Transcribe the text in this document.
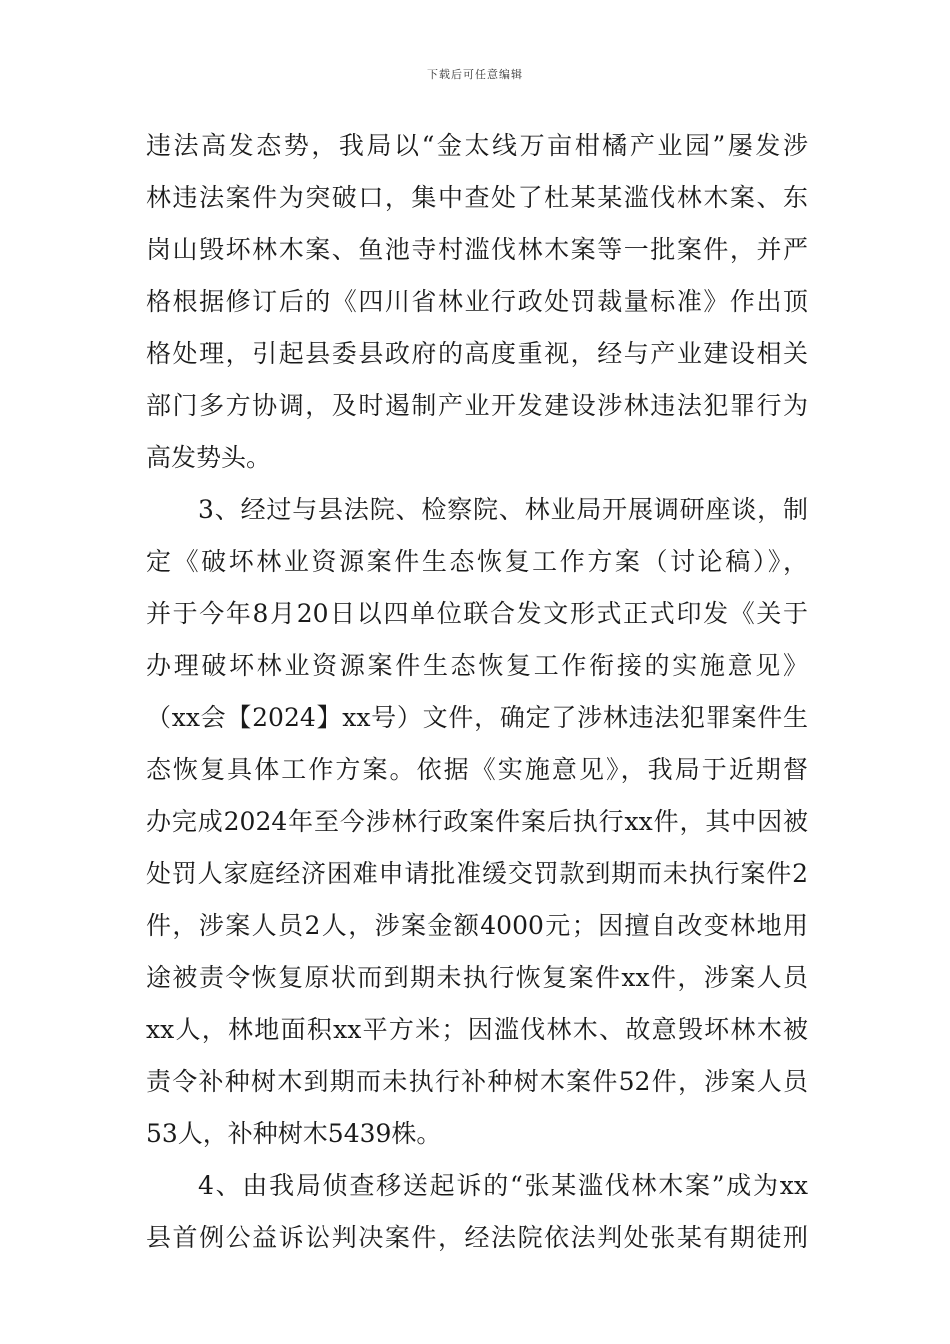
下载后可任意编辑
违法高发态势，我局以“金太线万亩柑橘产业园”屡发涉
林违法案件为突破口，集中查处了杜某某滥伐林木案、东
岗山毁坏林木案、鱼池寺村滥伐林木案等一批案件，并严
格根据修订后的《四川省林业行政处罚裁量标准》作出顶
格处理，引起县委县政府的高度重视，经与产业建设相关
部门多方协调，及时遏制产业开发建设涉林违法犯罪行为
高发势头。
3、经过与县法院、检察院、林业局开展调研座谈，制
定《破坏林业资源案件生态恢复工作方案（讨论稿）》，
并于今年8月20日以四单位联合发文形式正式印发《关于
办理破坏林业资源案件生态恢复工作衔接的实施意见》
（xx会【2024】xx号）文件，确定了涉林违法犯罪案件生
态恢复具体工作方案。依据《实施意见》，我局于近期督
办完成2024年至今涉林行政案件案后执行xx件，其中因被
处罚人家庭经济困难申请批准缓交罚款到期而未执行案件2
件，涉案人员2人，涉案金额4000元；因擅自改变林地用
途被责令恢复原状而到期未执行恢复案件xx件，涉案人员
xx人，林地面积xx平方米；因滥伐林木、故意毁坏林木被
责令补种树木到期而未执行补种树木案件52件，涉案人员
53人，补种树木5439株。
4、由我局侦查移送起诉的“张某滥伐林木案”成为xx
县首例公益诉讼判决案件，经法院依法判处张某有期徒刑
